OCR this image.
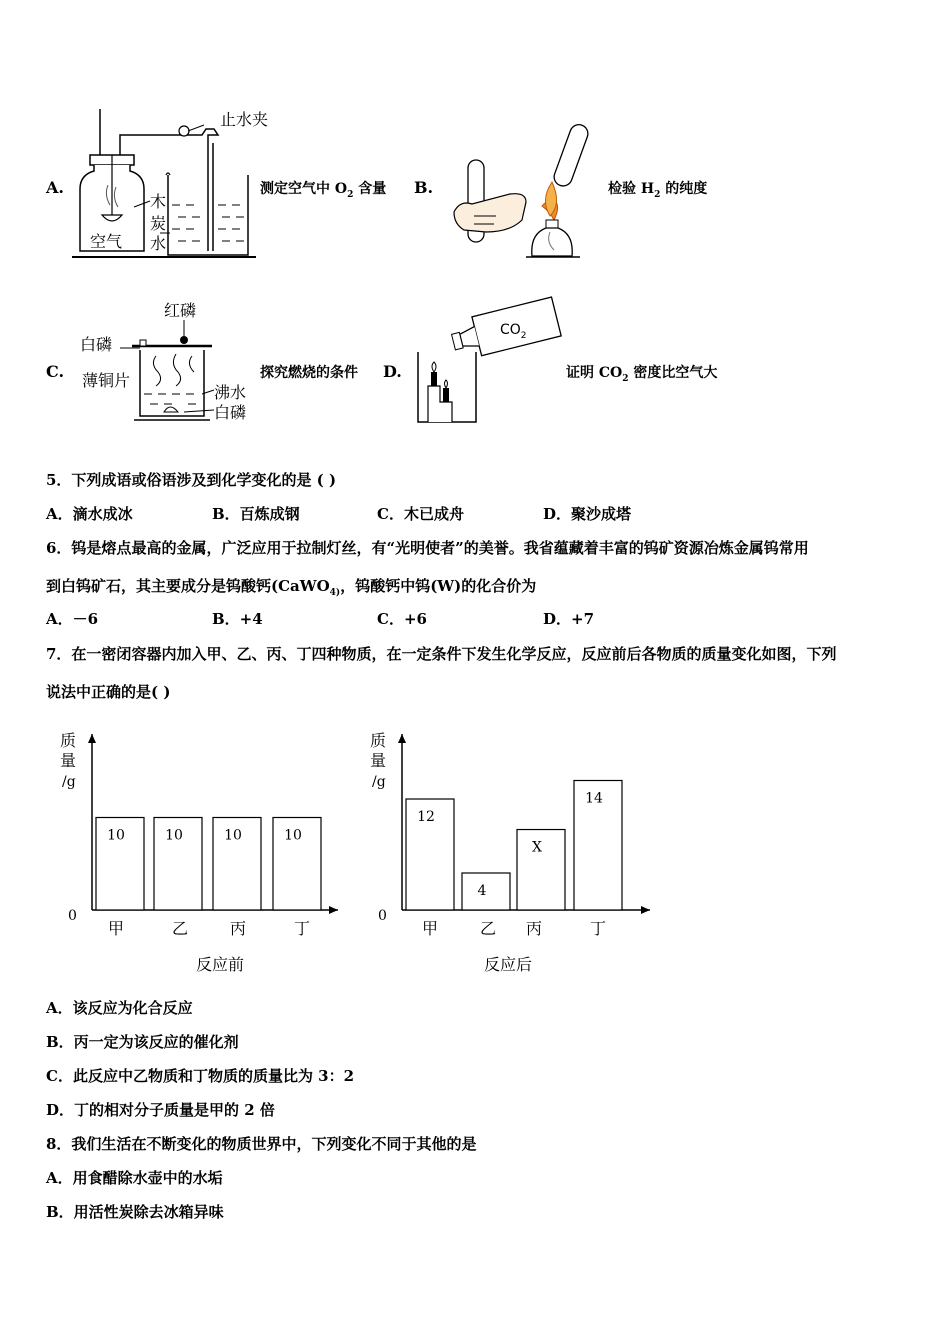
A.
止水夹
木
炭
水
空气
测定空气中 $O_2$ 含量 B.	检验 $H_2$ 的纯度
C.
红磷
白磷
薄铜片
沸水
白磷
探究燃烧的条件 D.
$CO_2$
证明 $CO_2$ 密度比空气大
5．下列成语或俗语涉及到化学变化的是 ( )
A．滴水成冰	B．百炼成钢	C．木已成舟	D．聚沙成塔
6．钨是熔点最高的金属，广泛应用于拉制灯丝，有“光明使者”的美誉。我省蕴藏着丰富的钨矿资源冶炼金属钨常用
到白钨矿石，其主要成分是钨酸钙(CaWO$_{4)}$，钨酸钙中钨(W)的化合价为
A．－6	B．+4	C．+6	D．+7
7．在一密闭容器内加入甲、乙、丙、丁四种物质，在一定条件下发生化学反应，反应前后各物质的质量变化如图，下列
说法中正确的是( )
质
量
/g
0
10
甲
10
乙
10
丙
10
丁
反应前
质
量
/g
0
12
甲
4
乙
X
丙
14
丁
反应后
A．该反应为化合反应
B．丙一定为该反应的催化剂
C．此反应中乙物质和丁物质的质量比为 3：2
D．丁的相对分子质量是甲的 2 倍
8．我们生活在不断变化的物质世界中，下列变化不同于其他的是
A．用食醋除水壶中的水垢
B．用活性炭除去冰箱异味
